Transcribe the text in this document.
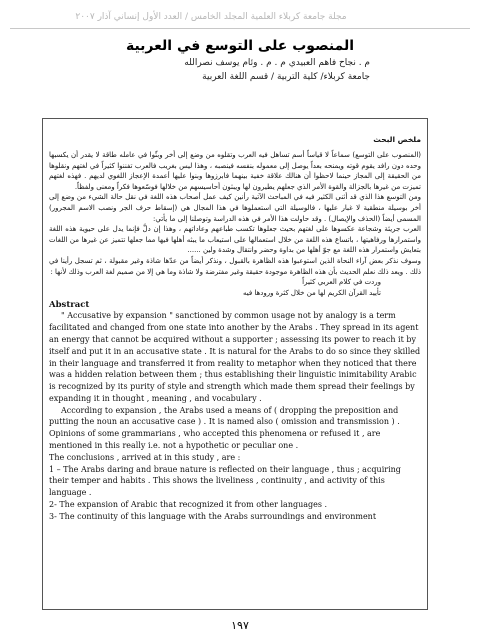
مجلة جامعة كربلاء العلمية المجلد الخامس / العدد الأول إنساني آذار ٢٠٠٧
المنصوب على التوسع في العربية
م . نجاح فاهم العبيدي م . م . وئام يوسف نصرالله
جامعة كربلاء/ كلية التربية / قسم اللغة العربية
ملخص البحث

(المنصوب على التوسع) سماعاً لا قياساً أسم تساهل فيه العرب وتقلوه من وضع إلى أخر وبثّوا في عامله طاقة لا يقدر أن يكسبها وحده دون رافد يقوم قوته ويمنحه بعداً يوصل إلى معموله بنفسه فينصبه ، وهذا ليس بغريب فالعرب تفننوا كثيراً في لغتهم ونقلوها من الحقيقة إلى المجاز حينما لاحظوا أن هنالك علاقة خفية بينهما فابرزوها وبنوا عليها أعمدة الإعجاز اللغوي لديهم . فهذه لغتهم تميزت من غيرها بالجزالة والقوة الأمر الذي جعلهم يطيرون لها ويبثون أحاسيسهم من خلالها فوسّعوها فكراً ومعنى ولفظاً.

ومن التوسع هذا الذي قد أثنى الكثير فيه في المباحث الآتية رأنين كيف عمل أصحاب هذه اللغة في نقل حالة الشيء من وضع إلى أخر بوسيلة منطقية لا غبار عليها ، فالوسيلة التي استعملوها في هذا المجال هي (إسقاط حرف الجر ونصب الاسم المجرور) المسمى أيضاً (الحذف والإيصال) . وقد حاولت هذا الأمر في هذه الدراسة وتوصلنا إلى ما يأتي:

العرب جريئة وشجاعة عكسوها على لغتهم بحيث جعلوها تكسب طباعهم وعاداتهم ، وهذا إن دلَّ فإنما يدل على حيوية هذه اللغة واستمرارها ورفاهيتها ، باتساع هذه اللغة من خلال استعمالها على استيعاب ما يبثه أهلها فيها مما جعلها تتميز عن غيرها من اللغات بتعايش واستمرار هذه اللغة مع جوّ أهلها من بداوة وحضر وانتقال وشدة ولين ......

وسوف نذكر بعض آراء النحاة الذين استوعبوا هذه الظاهرة بالقبول ، ونذكر أيضاً من عدّها شاذة وغير مقبولة ، ثم تسجل رأينا في ذلك . ويعد ذلك نعلم الحديث بأن هذه الظاهرة موجودة حقيقة وغير مفترضة ولا شاذة وما هي إلا من صميم لغة العرب وذلك لأنها :

وردت في كلام العربي كثيراً

تأييد القرآن الكريم لها من خلال كثرة ورودها فيه

Abstract

" Accusative by expansion " sanctioned by common usage not by analogy is a term facilitated and changed from one state into another by the Arabs . They spread in its agent an energy that cannot be acquired without a supporter ; assessing its power to reach it by itself and put it in an accusative state . It is natural for the Arabs to do so since they skilled in their language and transferred it from reality to metaphor when they noticed that there was a hidden relation between them ; thus establishing their linguistic inimitability Arabic is recognized by its purity of style and strength which made them spread their feelings by expanding it in thought , meaning , and vocabulary .

According to expansion , the Arabs used a means of ( dropping the preposition and putting the noun an accusative case ) . It is named also ( omission and transmission ) . Opinions of some grammarians , who accepted this phenomena or refused it , are mentioned in this really i.e. not a hypothetic or peculiar one .

The conclusions , arrived at in this study , are :

1 – The Arabs daring and braue nature is reflected on their language , thus ; acquiring their temper and habits . This shows the liveliness , continuity , and activity of this language .

2- The expansion of Arabic that recognized it from other languages .

3- The continuity of this language with the Arabs surroundings and environment

١٩٧
